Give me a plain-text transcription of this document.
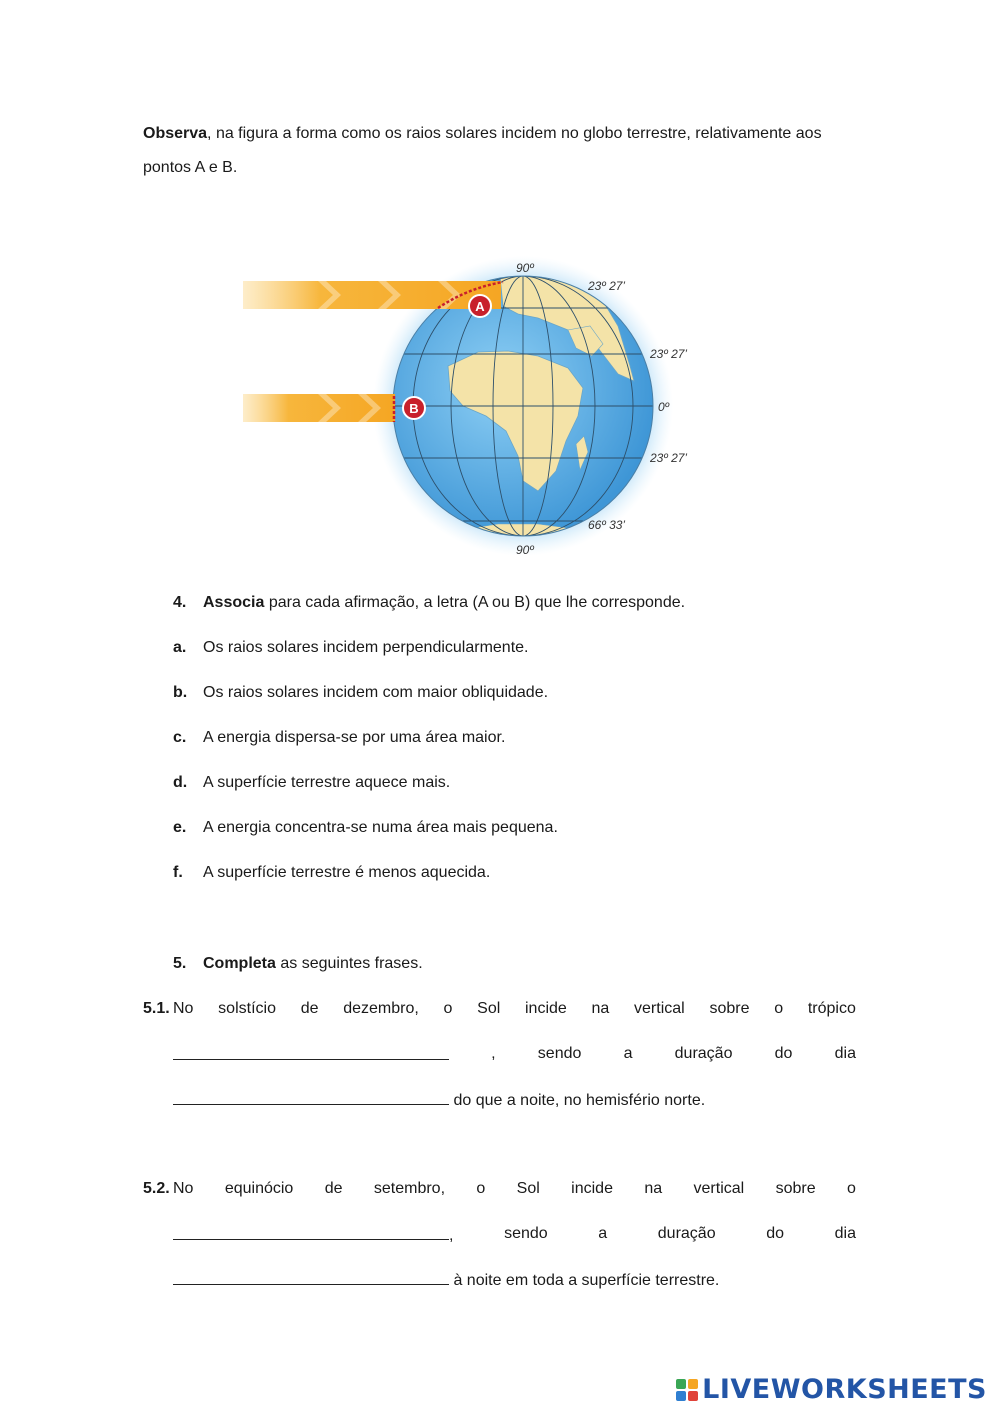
Observa, na figura a forma como os raios solares incidem no globo terrestre, relativamente aos pontos A e B.
A
B
90º
23º 27’
23º 27’
0º
23º 27’
66º 33’
90º
4. Associa para cada afirmação, a letra (A ou B) que lhe corresponde.
a. Os raios solares incidem perpendicularmente.
b. Os raios solares incidem com maior obliquidade.
c. A energia dispersa-se por uma área maior.
d. A superfície terrestre aquece mais.
e. A energia concentra-se numa área mais pequena.
f. A superfície terrestre é menos aquecida.
5. Completa as seguintes frases.
5.1. No solstício de dezembro, o Sol incide na vertical sobre o trópico
,	sendo	a	duração	do	dia
do que a noite, no hemisfério norte.
5.2. No equinócio de setembro, o Sol incide na vertical sobre o
,	sendo	a	duração	do	dia
à noite em toda a superfície terrestre.
LIVEWORKSHEETS
